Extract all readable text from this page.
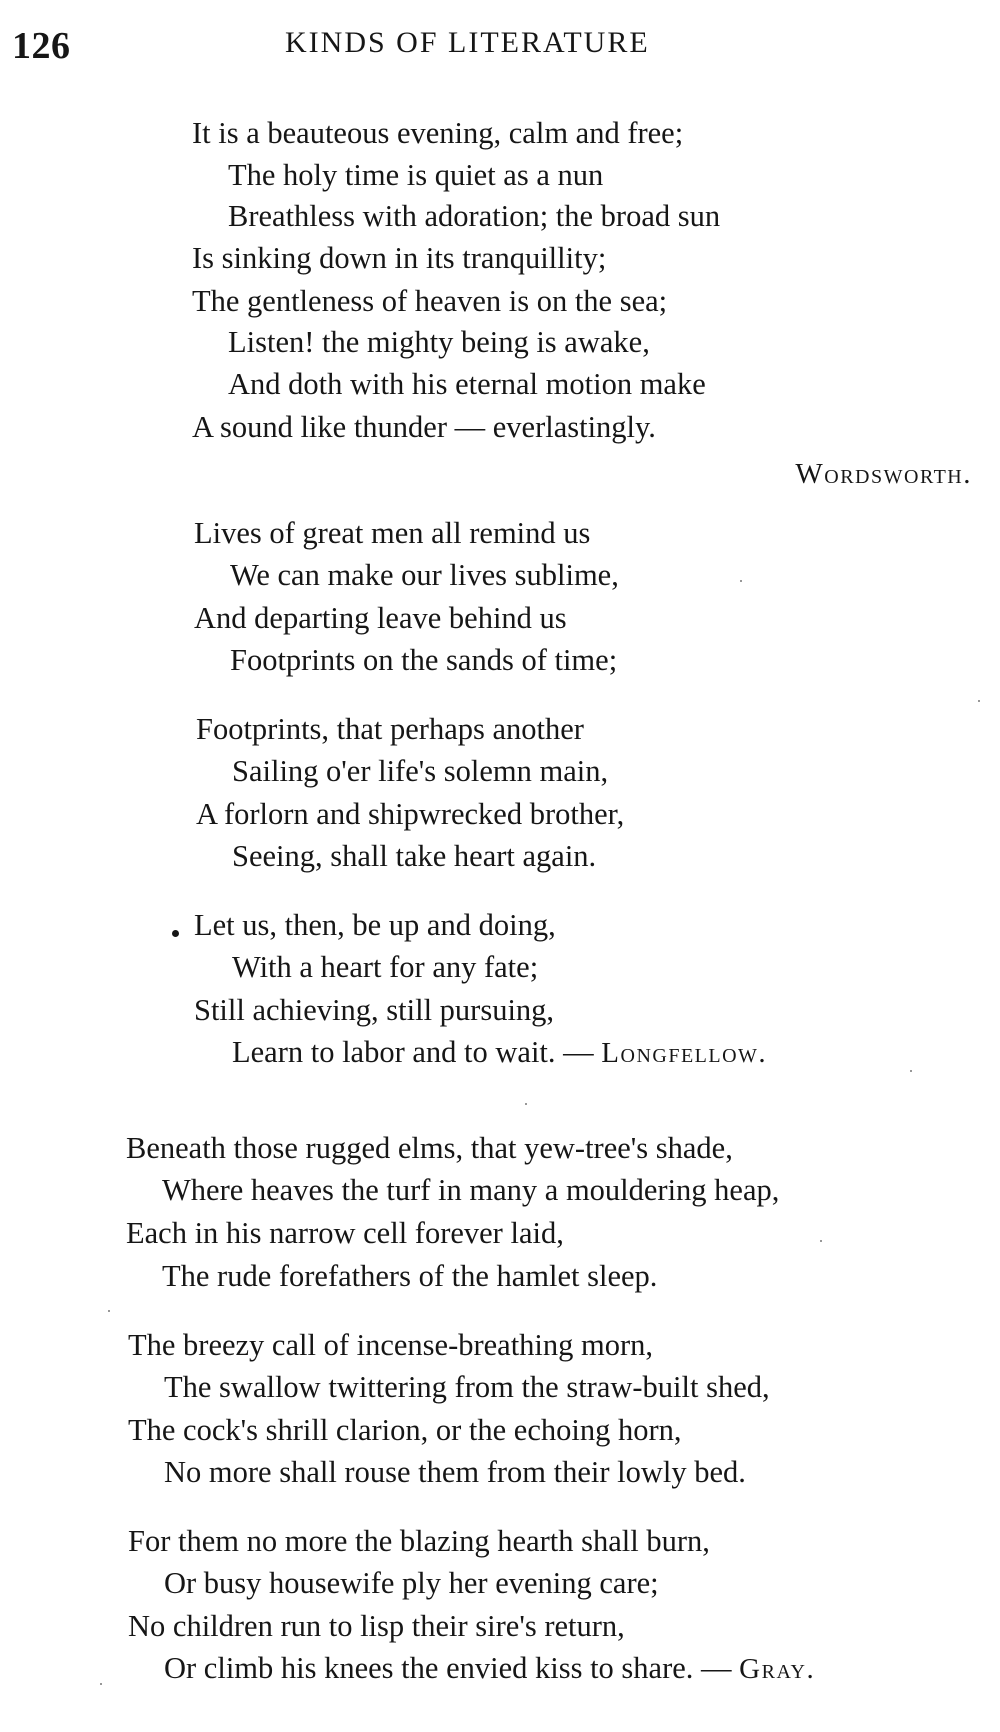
126	KINDS OF LITERATURE
It is a beauteous evening, calm and free;
The holy time is quiet as a nun
Breathless with adoration; the broad sun
Is sinking down in its tranquillity;
The gentleness of heaven is on the sea;
Listen! the mighty being is awake,
And doth with his eternal motion make
A sound like thunder — everlastingly.
Wordsworth.
Lives of great men all remind us
We can make our lives sublime,
And departing leave behind us
Footprints on the sands of time;
Footprints, that perhaps another
Sailing o'er life's solemn main,
A forlorn and shipwrecked brother,
Seeing, shall take heart again.
Let us, then, be up and doing,
With a heart for any fate;
Still achieving, still pursuing,
Learn to labor and to wait. — Longfellow.
Beneath those rugged elms, that yew-tree's shade,
Where heaves the turf in many a mouldering heap,
Each in his narrow cell forever laid,
The rude forefathers of the hamlet sleep.
The breezy call of incense-breathing morn,
The swallow twittering from the straw-built shed,
The cock's shrill clarion, or the echoing horn,
No more shall rouse them from their lowly bed.
For them no more the blazing hearth shall burn,
Or busy housewife ply her evening care;
No children run to lisp their sire's return,
Or climb his knees the envied kiss to share. — Gray.
